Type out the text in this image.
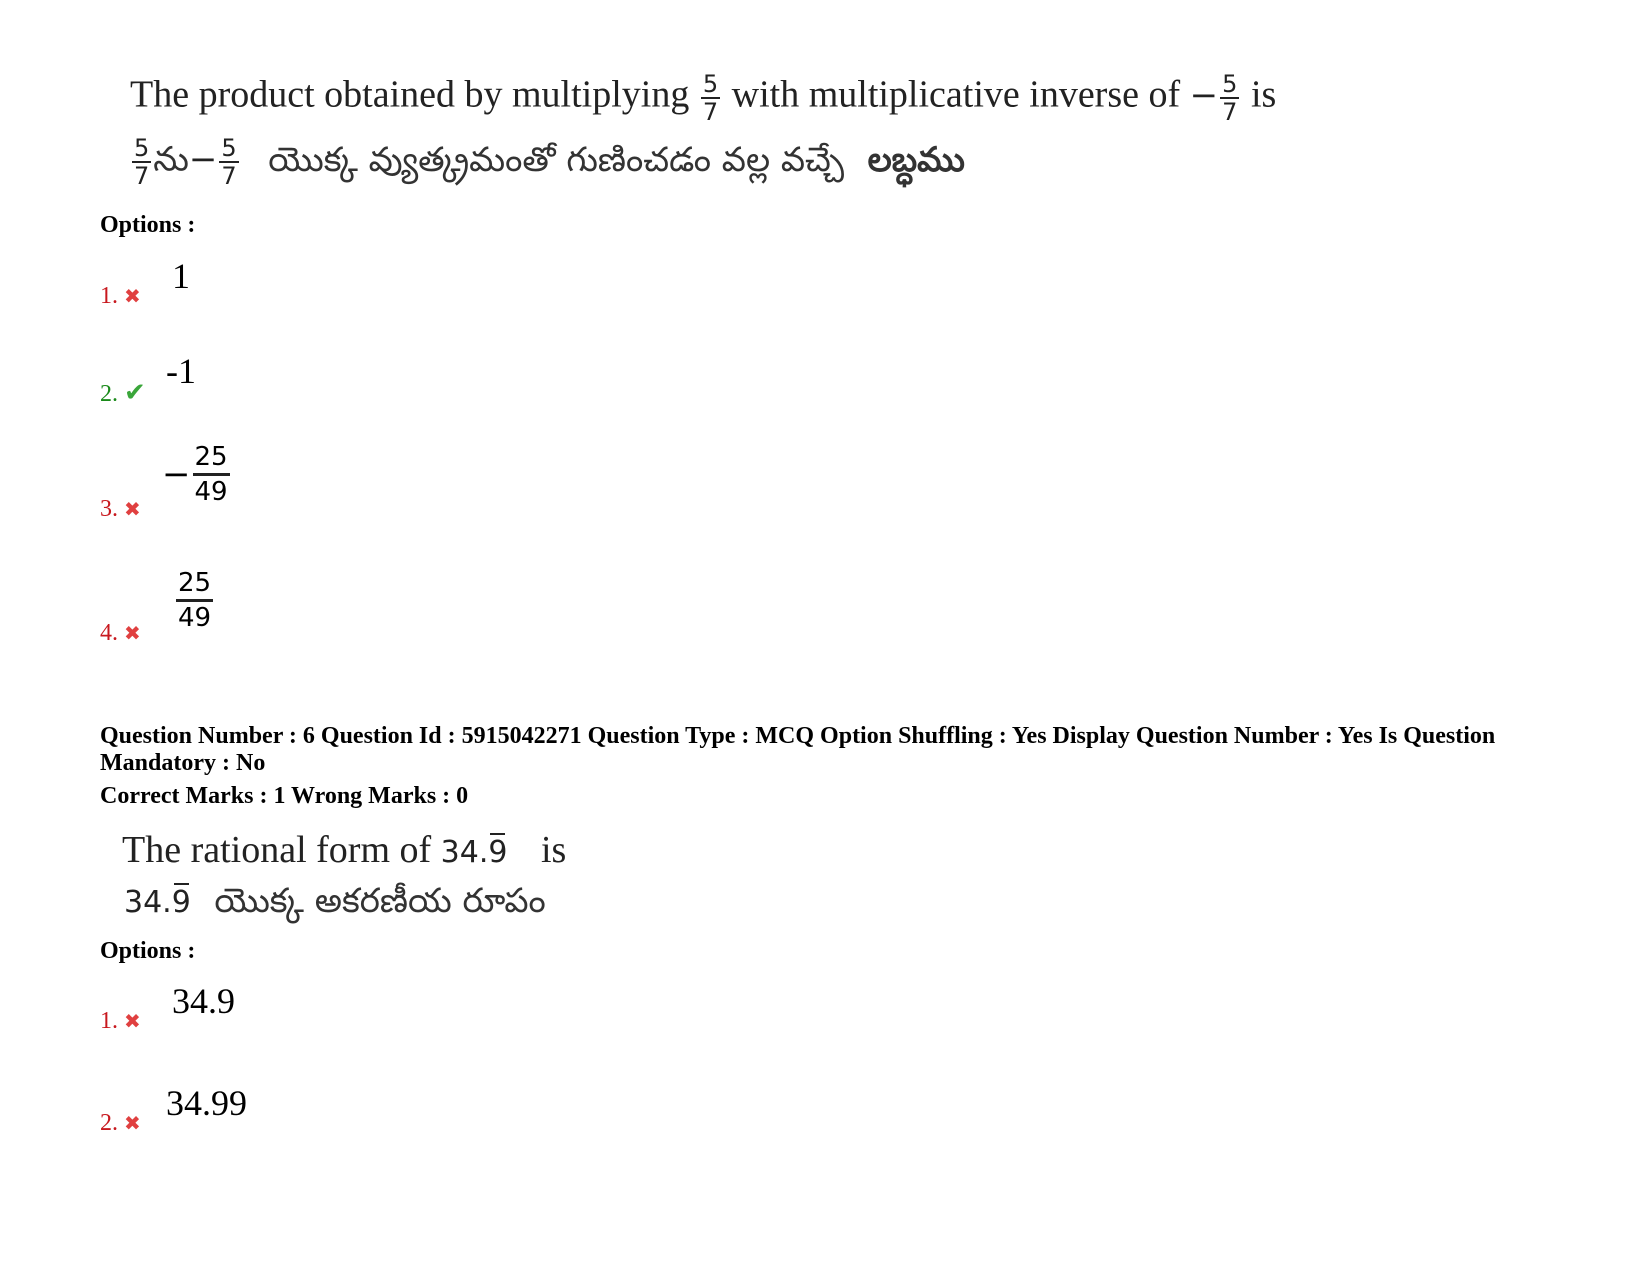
The product obtained by multiplying $\frac{5}{7}$ with multiplicative inverse of − $\frac{5}{7}$ is
$\frac{5}{7}$ ను− $\frac{5}{7}$ యొక్క వ్యుత్క్రమంతో గుణించడం వల్ల వచ్చే లబ్ధము
Options :
1. ✖ 1
2. ✔
-1
3. ✖
− $\frac{25}{49}$
4. ✖ $\frac{25}{49}$
Question Number : 6 Question Id : 5915042271 Question Type : MCQ Option Shuffling : Yes Display Question Number : Yes Is Question
Mandatory : No
Correct Marks : 1 Wrong Marks : 0
The rational form of 34.9 is
34.9 యొక్క అకరణీయ రూపం
Options :
1. ✖ 34.9
2. ✖ 34.99
